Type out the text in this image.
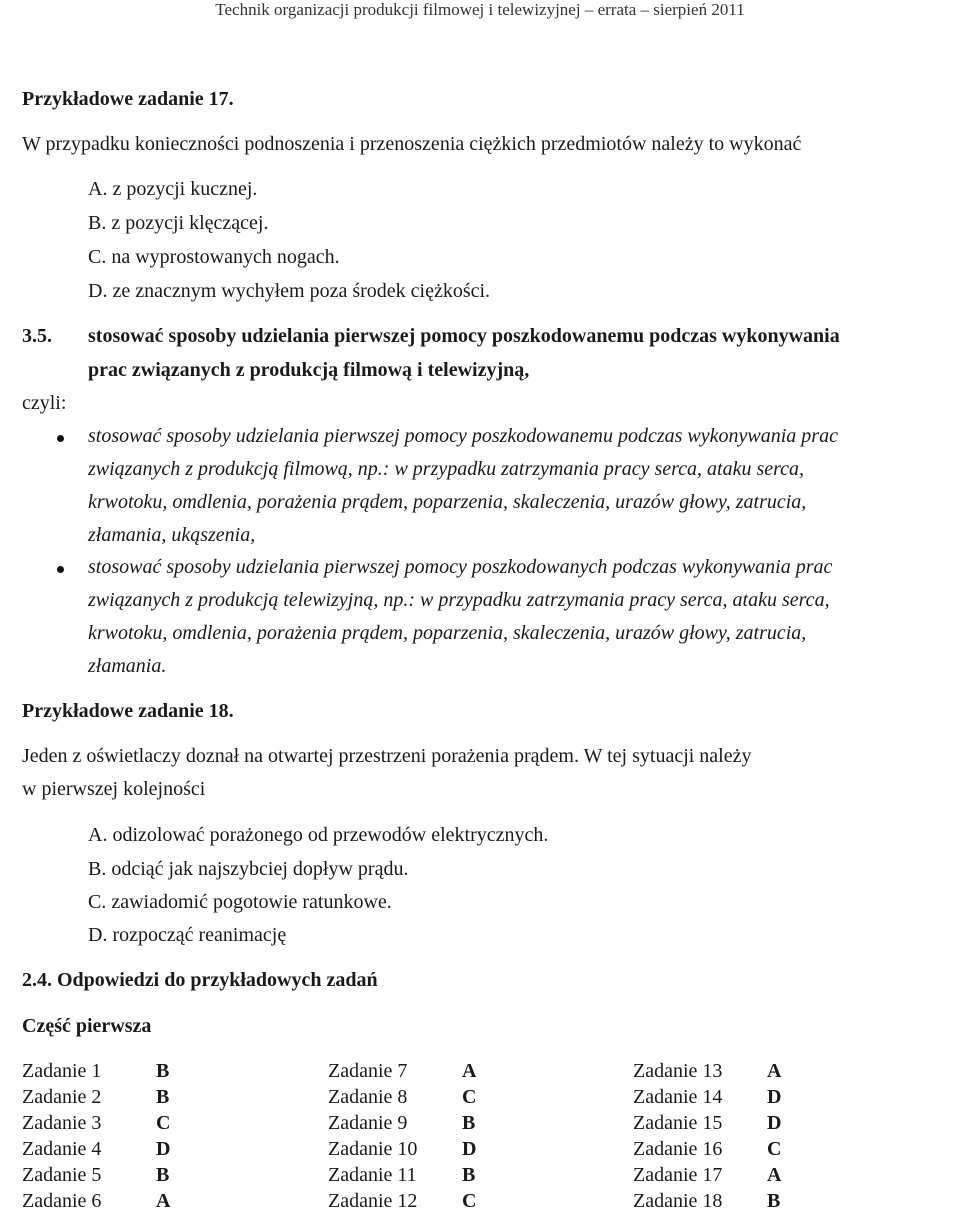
Technik organizacji produkcji filmowej i telewizyjnej – errata – sierpień 2011
Przykładowe zadanie 17.
W przypadku konieczności podnoszenia i przenoszenia ciężkich przedmiotów należy to wykonać
A. z pozycji kucznej.
B. z pozycji klęczącej.
C. na wyprostowanych nogach.
D. ze znacznym wychyłem poza środek ciężkości.
3.5. stosować sposoby udzielania pierwszej pomocy poszkodowanemu podczas wykonywania
prac związanych z produkcją filmową i telewizyjną,
czyli:
stosować sposoby udzielania pierwszej pomocy poszkodowanemu podczas wykonywania prac
związanych z produkcją filmową, np.: w przypadku zatrzymania pracy serca, ataku serca,
krwotoku, omdlenia, porażenia prądem, poparzenia, skaleczenia, urazów głowy, zatrucia,
złamania, ukąszenia,
stosować sposoby udzielania pierwszej pomocy poszkodowanych podczas wykonywania prac
związanych z produkcją telewizyjną, np.: w przypadku zatrzymania pracy serca, ataku serca,
krwotoku, omdlenia, porażenia prądem, poparzenia, skaleczenia, urazów głowy, zatrucia,
złamania.
Przykładowe zadanie 18.
Jeden z oświetlaczy doznał na otwartej przestrzeni porażenia prądem. W tej sytuacji należy
w pierwszej kolejności
A. odizolować porażonego od przewodów elektrycznych.
B. odciąć jak najszybciej dopływ prądu.
C. zawiadomić pogotowie ratunkowe.
D. rozpocząć reanimację
2.4. Odpowiedzi do przykładowych zadań
Część pierwsza
Zadanie 1	B
Zadanie 2	B
Zadanie 3	C
Zadanie 4	D
Zadanie 5	B
Zadanie 6	A
Zadanie 7	A
Zadanie 8	C
Zadanie 9	B
Zadanie 10 D
Zadanie 11 B
Zadanie 12 C
Zadanie 13 A
Zadanie 14 D
Zadanie 15 D
Zadanie 16 C
Zadanie 17 A
Zadanie 18 B
